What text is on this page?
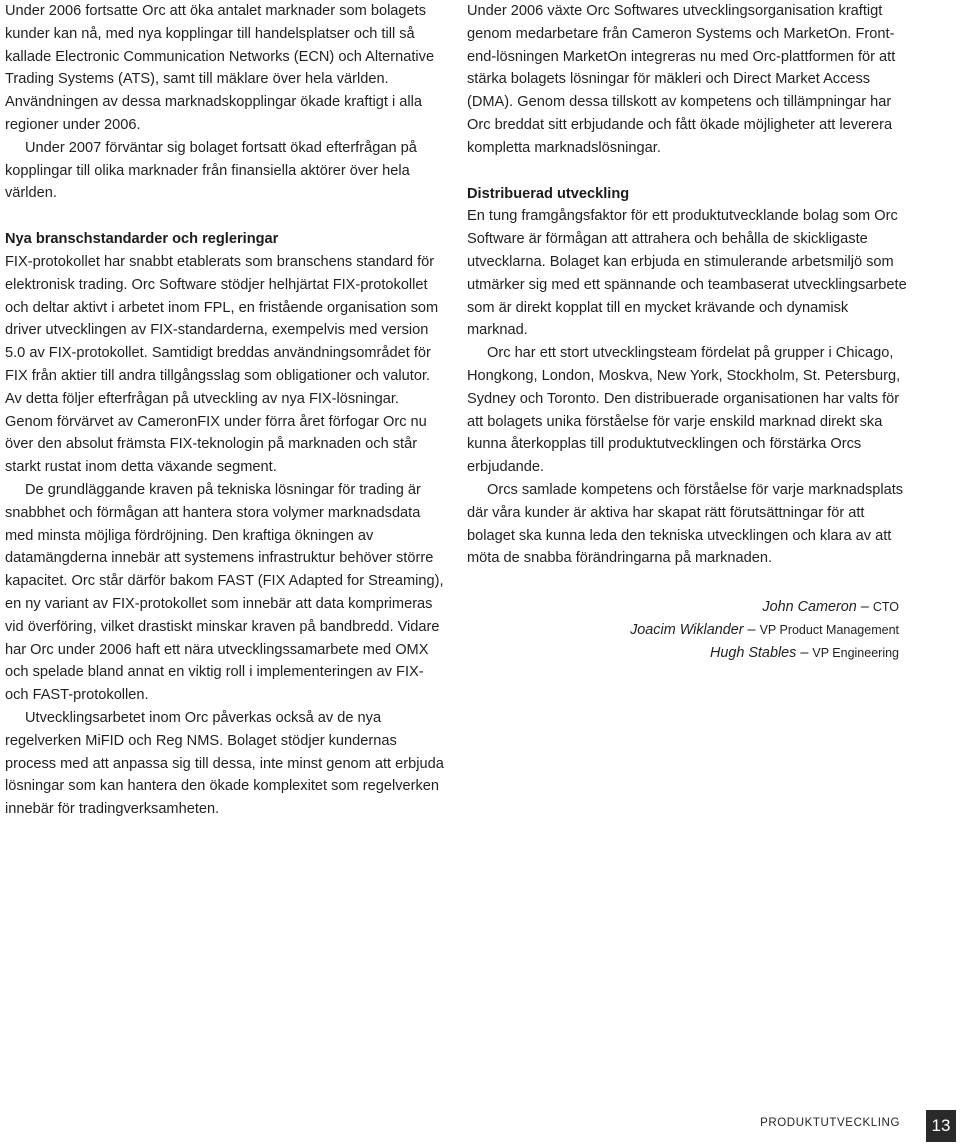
Under 2006 fortsatte Orc att öka antalet marknader som bolagets kunder kan nå, med nya kopplingar till handelsplatser och till så kallade Electronic Communication Networks (ECN) och Alternative Trading Systems (ATS), samt till mäklare över hela världen. Användningen av dessa marknadskopplingar ökade kraftigt i alla regioner under 2006.

Under 2007 förväntar sig bolaget fortsatt ökad efterfrågan på kopplingar till olika marknader från finansiella aktörer över hela världen.

Nya branschstandarder och regleringar

FIX-protokollet har snabbt etablerats som branschens standard för elektronisk trading. Orc Software stödjer helhjärtat FIX-protokollet och deltar aktivt i arbetet inom FPL, en fristående organisation som driver utvecklingen av FIX-standarderna, exempelvis med version 5.0 av FIX-protokollet. Samtidigt breddas användningsområdet för FIX från aktier till andra tillgångsslag som obligationer och valutor. Av detta följer efterfrågan på utveckling av nya FIX-lösningar. Genom förvärvet av CameronFIX under förra året förfogar Orc nu över den absolut främsta FIX-teknologin på marknaden och står starkt rustat inom detta växande segment.

De grundläggande kraven på tekniska lösningar för trading är snabbhet och förmågan att hantera stora volymer marknadsdata med minsta möjliga fördröjning. Den kraftiga ökningen av datamängderna innebär att systemens infrastruktur behöver större kapacitet. Orc står därför bakom FAST (FIX Adapted for Streaming), en ny variant av FIX-protokollet som innebär att data komprimeras vid överföring, vilket drastiskt minskar kraven på bandbredd. Vidare har Orc under 2006 haft ett nära utvecklingssamarbete med OMX och spelade bland annat en viktig roll i implementeringen av FIX- och FAST-protokollen.

Utvecklingsarbetet inom Orc påverkas också av de nya regelverken MiFID och Reg NMS. Bolaget stödjer kundernas process med att anpassa sig till dessa, inte minst genom att erbjuda lösningar som kan hantera den ökade komplexitet som regelverken innebär för tradingverksamheten.

Under 2006 växte Orc Softwares utvecklingsorganisation kraftigt genom medarbetare från Cameron Systems och MarketOn. Front-end-lösningen MarketOn integreras nu med Orc-plattformen för att stärka bolagets lösningar för mäkleri och Direct Market Access (DMA). Genom dessa tillskott av kompetens och tillämpningar har Orc breddat sitt erbjudande och fått ökade möjligheter att leverera kompletta marknadslösningar.

Distribuerad utveckling

En tung framgångsfaktor för ett produktutvecklande bolag som Orc Software är förmågan att attrahera och behålla de skickligaste utvecklarna. Bolaget kan erbjuda en stimulerande arbetsmiljö som utmärker sig med ett spännande och teambaserat utvecklingsarbete som är direkt kopplat till en mycket krävande och dynamisk marknad.

Orc har ett stort utvecklingsteam fördelat på grupper i Chicago, Hongkong, London, Moskva, New York, Stockholm, St. Petersburg, Sydney och Toronto. Den distribuerade organisationen har valts för att bolagets unika förståelse för varje enskild marknad direkt ska kunna återkopplas till produktutvecklingen och förstärka Orcs erbjudande.

Orcs samlade kompetens och förståelse för varje marknadsplats där våra kunder är aktiva har skapat rätt förutsättningar för att bolaget ska kunna leda den tekniska utvecklingen och klara av att möta de snabba förändringarna på marknaden.

John Cameron – CTO
Joacim Wiklander – VP Product Management
Hugh Stables – VP Engineering
PRODUKTUTVECKLING	13
